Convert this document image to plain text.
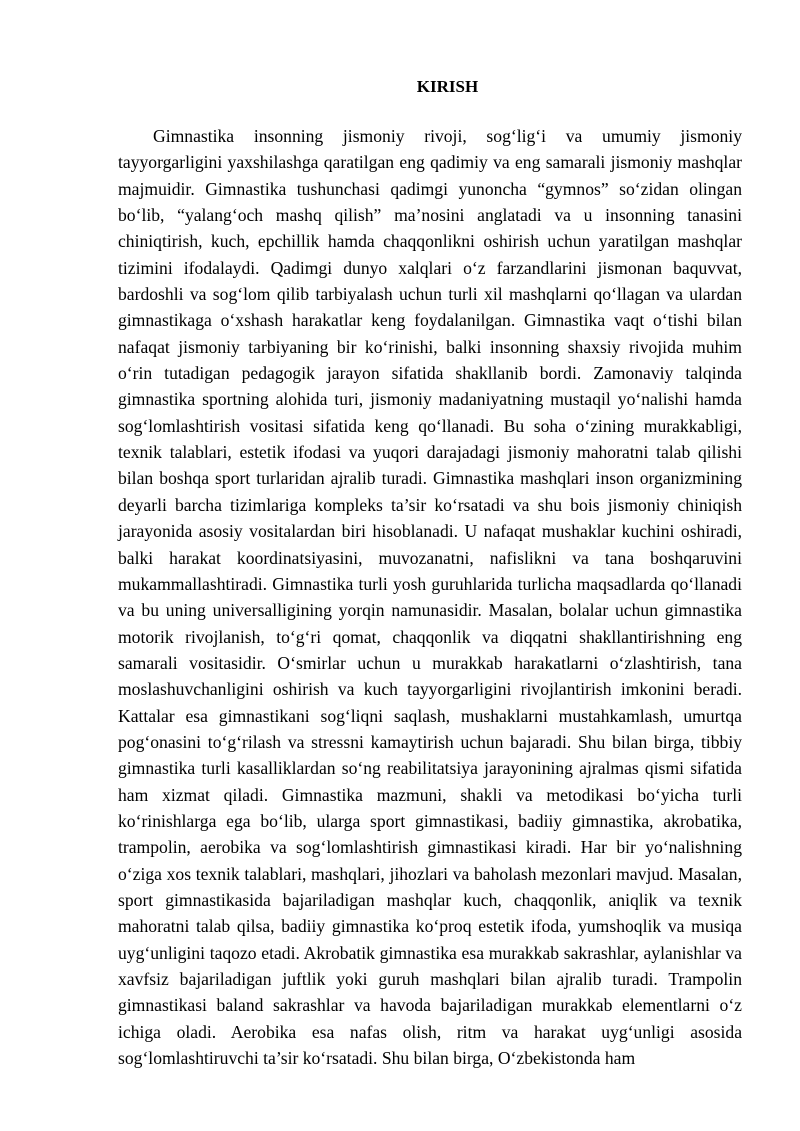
KIRISH

Gimnastika insonning jismoniy rivoji, sog‘lig‘i va umumiy jismoniy tayyorgarligini yaxshilashga qaratilgan eng qadimiy va eng samarali jismoniy mashqlar majmuidir. Gimnastika tushunchasi qadimgi yunoncha “gymnos” so‘zidan olingan bo‘lib, “yalang‘och mashq qilish” ma’nosini anglatadi va u insonning tanasini chiniqtirish, kuch, epchillik hamda chaqqonlikni oshirish uchun yaratilgan mashqlar tizimini ifodalaydi. Qadimgi dunyo xalqlari o‘z farzandlarini jismonan baquvvat, bardoshli va sog‘lom qilib tarbiyalash uchun turli xil mashqlarni qo‘llagan va ulardan gimnastikaga o‘xshash harakatlar keng foydalanilgan. Gimnastika vaqt o‘tishi bilan nafaqat jismoniy tarbiyaning bir ko‘rinishi, balki insonning shaxsiy rivojida muhim o‘rin tutadigan pedagogik jarayon sifatida shakllanib bordi. Zamonaviy talqinda gimnastika sportning alohida turi, jismoniy madaniyatning mustaqil yo‘nalishi hamda sog‘lomlashtirish vositasi sifatida keng qo‘llanadi. Bu soha o‘zining murakkabligi, texnik talablari, estetik ifodasi va yuqori darajadagi jismoniy mahoratni talab qilishi bilan boshqa sport turlaridan ajralib turadi. Gimnastika mashqlari inson organizmining deyarli barcha tizimlariga kompleks ta’sir ko‘rsatadi va shu bois jismoniy chiniqish jarayonida asosiy vositalardan biri hisoblanadi. U nafaqat mushaklar kuchini oshiradi, balki harakat koordinatsiyasini, muvozanatni, nafislikni va tana boshqaruvini mukammallashtiradi. Gimnastika turli yosh guruhlarida turlicha maqsadlarda qo‘llanadi va bu uning universalligining yorqin namunasidir. Masalan, bolalar uchun gimnastika motorik rivojlanish, to‘g‘ri qomat, chaqqonlik va diqqatni shakllantirishning eng samarali vositasidir. O‘smirlar uchun u murakkab harakatlarni o‘zlashtirish, tana moslashuvchanligini oshirish va kuch tayyorgarligini rivojlantirish imkonini beradi. Kattalar esa gimnastikani sog‘liqni saqlash, mushaklarni mustahkamlash, umurtqa pog‘onasini to‘g‘rilash va stressni kamaytirish uchun bajaradi. Shu bilan birga, tibbiy gimnastika turli kasalliklardan so‘ng reabilitatsiya jarayonining ajralmas qismi sifatida ham xizmat qiladi. Gimnastika mazmuni, shakli va metodikasi bo‘yicha turli ko‘rinishlarga ega bo‘lib, ularga sport gimnastikasi, badiiy gimnastika, akrobatika, trampolin, aerobika va sog‘lomlashtirish gimnastikasi kiradi. Har bir yo‘nalishning o‘ziga xos texnik talablari, mashqlari, jihozlari va baholash mezonlari mavjud. Masalan, sport gimnastikasida bajariladigan mashqlar kuch, chaqqonlik, aniqlik va texnik mahoratni talab qilsa, badiiy gimnastika ko‘proq estetik ifoda, yumshoqlik va musiqa uyg‘unligini taqozo etadi. Akrobatik gimnastika esa murakkab sakrashlar, aylanishlar va xavfsiz bajariladigan juftlik yoki guruh mashqlari bilan ajralib turadi. Trampolin gimnastikasi baland sakrashlar va havoda bajariladigan murakkab elementlarni o‘z ichiga oladi. Aerobika esa nafas olish, ritm va harakat uyg‘unligi asosida sog‘lomlashtiruvchi ta’sir ko‘rsatadi. Shu bilan birga, O‘zbekistonda ham
